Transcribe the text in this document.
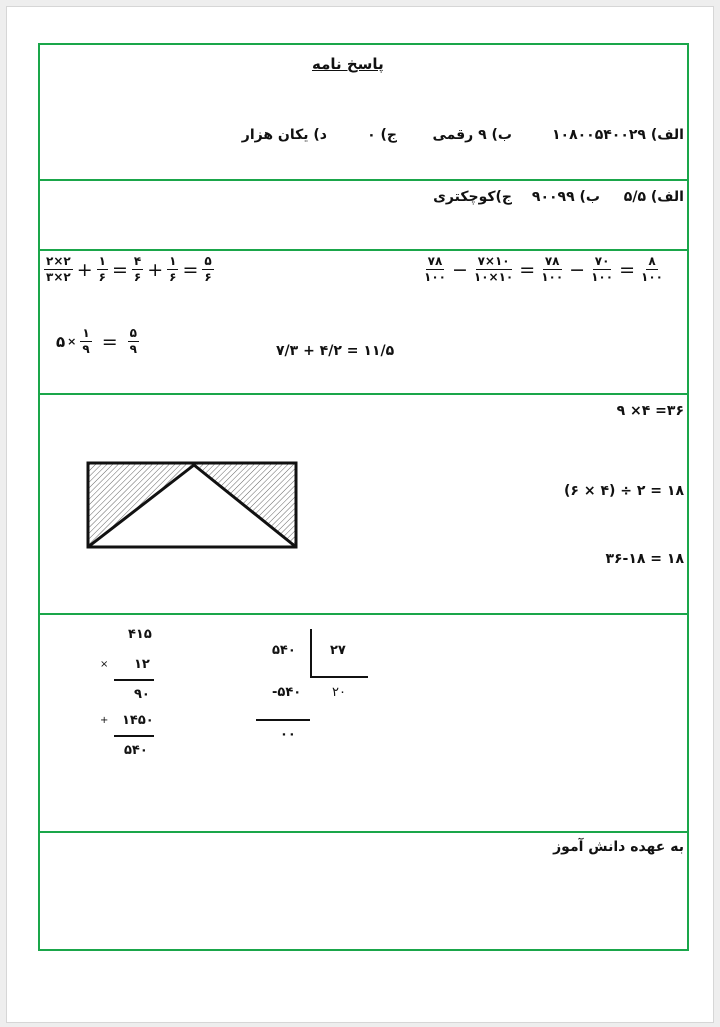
پاسخ نامه
الف) ۱۰۸۰۰۵۴۰۰۲۹
ب) ۹ رقمی
ج) ۰
د) یکان هزار
الف) ۵/۵
ب) ۹۰۰۹۹
ج)کوچکتری
$\frac{۲\times ۲}{۳\times ۲} + \frac{۱}{۶} = \frac{۴}{۶} + \frac{۱}{۶} = \frac{۵}{۶}$	$\frac{۷۸}{۱۰۰} - \frac{۷\times ۱۰}{۱۰\times ۱۰} = \frac{۷۸}{۱۰۰} - \frac{۷۰}{۱۰۰} = \frac{۸}{۱۰۰}$
۵ × $\frac{۱}{۹} = \frac{۵}{۹}$	۷/۳ + ۴/۲ = ۱۱/۵
۹ ×۴ =۳۶
(۶ × ۴) ÷ ۲ = ۱۸
۳۶-۱۸ = ۱۸
۴۱۵
× ۱۲
۹۰
+ ۱۴۵۰
۵۴۰
۵۴۰	۲۷
-۵۴۰ ۲۰
۰۰
به عهده دانش آموز
